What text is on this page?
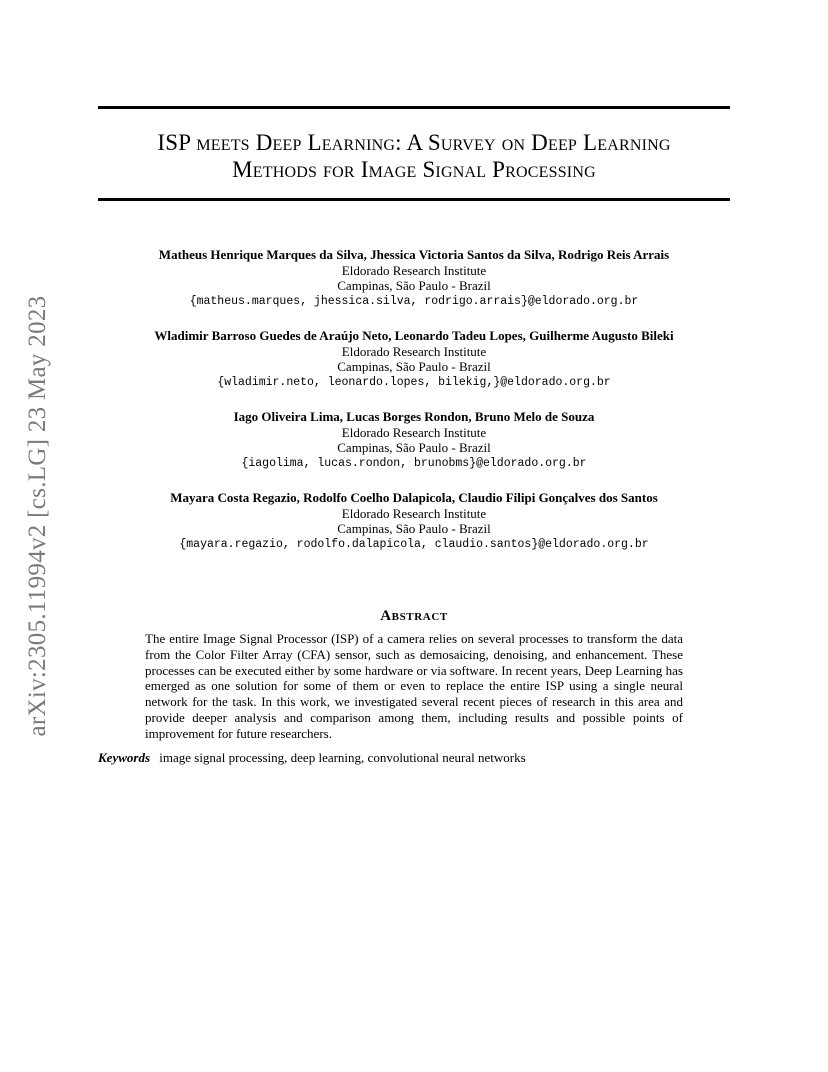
arXiv:2305.11994v2 [cs.LG] 23 May 2023
ISP meets Deep Learning: A Survey on Deep Learning
Methods for Image Signal Processing
Matheus Henrique Marques da Silva, Jhessica Victoria Santos da Silva, Rodrigo Reis Arrais
Eldorado Research Institute
Campinas, São Paulo - Brazil
{matheus.marques, jhessica.silva, rodrigo.arrais}@eldorado.org.br
Wladimir Barroso Guedes de Araújo Neto, Leonardo Tadeu Lopes, Guilherme Augusto Bileki
Eldorado Research Institute
Campinas, São Paulo - Brazil
{wladimir.neto, leonardo.lopes, bilekig,}@eldorado.org.br
Iago Oliveira Lima, Lucas Borges Rondon, Bruno Melo de Souza
Eldorado Research Institute
Campinas, São Paulo - Brazil
{iagolima, lucas.rondon, brunobms}@eldorado.org.br
Mayara Costa Regazio, Rodolfo Coelho Dalapicola, Claudio Filipi Gonçalves dos Santos
Eldorado Research Institute
Campinas, São Paulo - Brazil
{mayara.regazio, rodolfo.dalapicola, claudio.santos}@eldorado.org.br
Abstract
The entire Image Signal Processor (ISP) of a camera relies on several processes to transform the data from the Color Filter Array (CFA) sensor, such as demosaicing, denoising, and enhancement. These processes can be executed either by some hardware or via software. In recent years, Deep Learning has emerged as one solution for some of them or even to replace the entire ISP using a single neural network for the task. In this work, we investigated several recent pieces of research in this area and provide deeper analysis and comparison among them, including results and possible points of improvement for future researchers.
Keywords image signal processing, deep learning, convolutional neural networks
